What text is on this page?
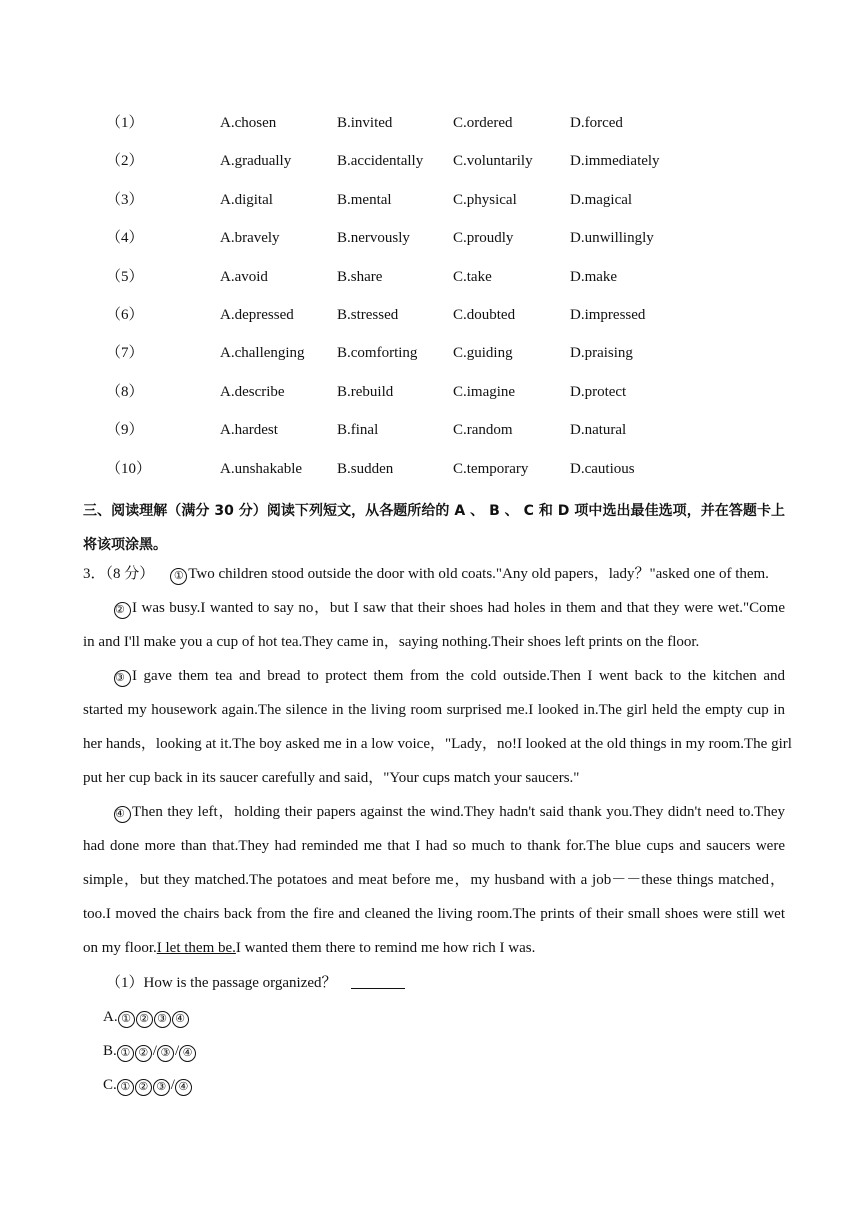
（1）	A.chosen	B.invited	C.ordered	D.forced
（2）	A.gradually	B.accidentally C.voluntarily D.immediately
（3）	A.digital	B.mental	C.physical	D.magical
（4）	A.bravely	B.nervously	C.proudly	D.unwillingly
（5）	A.avoid	B.share	C.take	D.make
（6）	A.depressed	B.stressed	C.doubted	D.impressed
（7）	A.challenging B.comforting C.guiding	D.praising
（8）	A.describe	B.rebuild	C.imagine	D.protect
（9）	A.hardest	B.final	C.random	D.natural
（10）	A.unshakable B.sudden	C.temporary	D.cautious
三、阅读理解（满分 30 分）阅读下列短文，从各题所给的 A 、 B 、 C 和 D 项中选出最佳选项，并在答题卡上将该项涂黑。
3．（8 分） ① Two children stood outside the door with old coats."Any old papers，lady？"asked one of them.
② I was busy.I wanted to say no，but I saw that their shoes had holes in them and that they were wet."Come
in and I'll make you a cup of hot tea.They came in，saying nothing.Their shoes left prints on the floor.
③ I gave them tea and bread to protect them from the cold outside.Then I went back to the kitchen and
started my housework again.The silence in the living room surprised me.I looked in.The girl held the empty cup in
her hands，looking at it.The boy asked me in a low voice，"Lady，no!I looked at the old things in my room.The girl
put her cup back in its saucer carefully and said，"Your cups match your saucers."
④ Then they left，holding their papers against the wind.They hadn't said thank you.They didn't need to.They
had done more than that.They had reminded me that I had so much to thank for.The blue cups and saucers were
simple，but they matched.The potatoes and meat before me，my husband with a job－－these things matched，
too.I moved the chairs back from the fire and cleaned the living room.The prints of their small shoes were still wet
on my floor.I let them be.I wanted them there to remind me how rich I was.
（1）How is the passage organized？
A. ① ② ③ ④
B. ① ② / ③ / ④
C. ① ② ③ / ④
